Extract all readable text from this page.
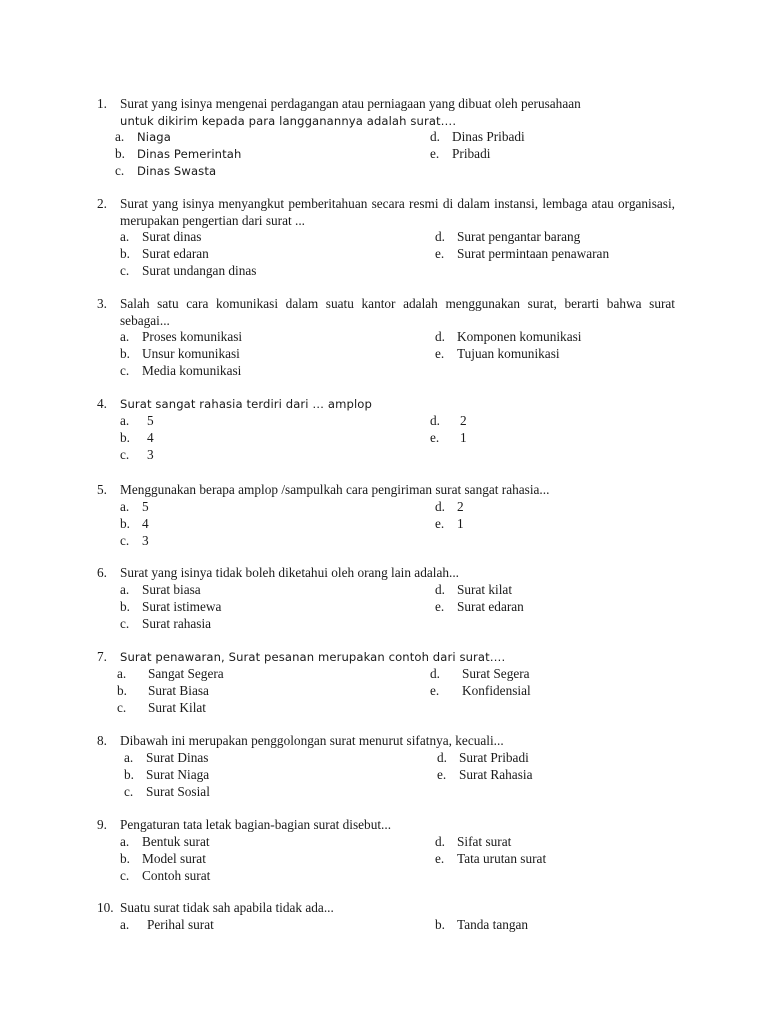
1. Surat yang isinya mengenai perdagangan atau perniagaan yang dibuat oleh perusahaan
untuk dikirim kepada para langganannya adalah surat….
a. Niaga
b. Dinas Pemerintah
c. Dinas Swasta
d. Dinas Pribadi
e. Pribadi
2. Surat yang isinya menyangkut pemberitahuan secara resmi di dalam instansi, lembaga atau organisasi, merupakan pengertian dari surat ...
a. Surat dinas
b. Surat edaran
c. Surat undangan dinas
d. Surat pengantar barang
e. Surat permintaan penawaran
3. Salah satu cara komunikasi dalam suatu kantor adalah menggunakan surat, berarti bahwa surat sebagai...
a. Proses komunikasi
b. Unsur komunikasi
c. Media komunikasi
d. Komponen komunikasi
e. Tujuan komunikasi
4.	Surat sangat rahasia terdiri dari … amplop
a. 5
b. 4
c. 3
d. 2
e. 1
5. Menggunakan berapa amplop /sampulkah cara pengiriman surat sangat rahasia...
a. 5
b. 4
c. 3
d. 2
e. 1
6. Surat yang isinya tidak boleh diketahui oleh orang lain adalah...
a. Surat biasa
b. Surat istimewa
c. Surat rahasia
d. Surat kilat
e. Surat edaran
7.	Surat penawaran, Surat pesanan merupakan contoh dari surat….
a. Sangat Segera
b. Surat Biasa
c. Surat Kilat
d. Surat Segera
e. Konfidensial
8. Dibawah ini merupakan penggolongan surat menurut sifatnya, kecuali...
a. Surat Dinas
b. Surat Niaga
c. Surat Sosial
d. Surat Pribadi
e. Surat Rahasia
9. Pengaturan tata letak bagian-bagian surat disebut...
a. Bentuk surat
b. Model surat
c. Contoh surat
d. Sifat surat
e. Tata urutan surat
10. Suatu surat tidak sah apabila tidak ada...
a. Perihal surat	b. Tanda tangan
